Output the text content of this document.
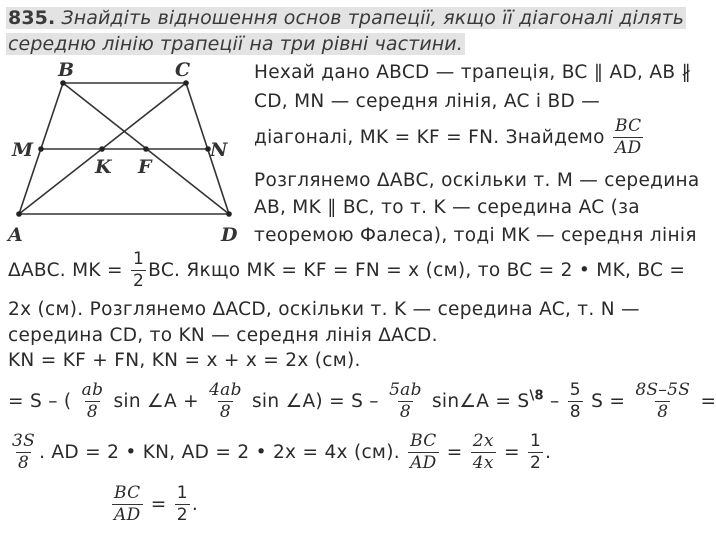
835. Знайдіть відношення основ трапеції, якщо її діагоналі ділять
середню лінію трапеції на три рівні частини.
B	C
M	N
K F
A	D
Нехай дано ABCD — трапеція, BC ∥ AD, AB ∦
CD, MN — середня лінія, AC і BD —
діагоналі, MK = KF = FN. Знайдемо $\frac{BC}{AD}$
Розглянемо ΔABC, оскільки т. M — середина
AB, MK ∥ BC, то т. K — середина AC (за
теоремою Фалеса), тоді MK — середня лінія
ΔABC. MK = $\frac{1}{2}$ BC. Якщо MK = KF = FN = x (см), то BC = 2 • MK, BC =
2x (см). Розглянемо ΔACD, оскільки т. K — середина AC, т. N —
середина CD, то KN — середня лінія ΔACD.
KN = KF + FN, KN = x + x = 2x (см).
= S – ( $\frac{ab}{8}$ sin ∠A + $\frac{4ab}{8}$ sin ∠A) = S – $\frac{5ab}{8}$ sin∠A = $S^{\backslash 8} - \frac{5}{8}$ $S = \frac{8S-5S}{8}$ =
$\frac{3S}{8}$ . AD = 2 • KN, AD = 2 • 2x = 4x (см). $\frac{BC}{AD} = \frac{2x}{4x} = \frac{1}{2}$ .
$\frac{BC}{AD} = \frac{1}{2}$ .
